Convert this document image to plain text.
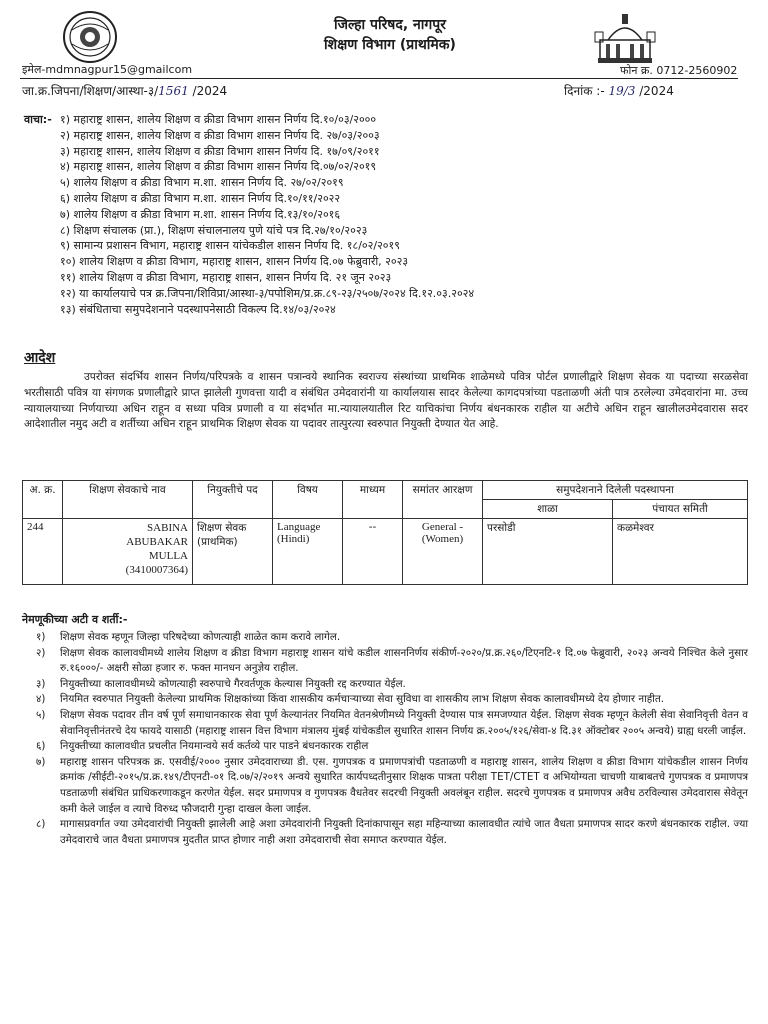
जिल्हा परिषद, नागपूर
शिक्षण विभाग (प्राथमिक)
इमेल-mdmnagpur15@gmailcom	फोन क्र. 0712-2560902
जा.क्र.जिपना/शिक्षण/आस्था-३/1561 /2024	दिनांक :- 19/3 /2024
वाचा:- १) महाराष्ट्र शासन, शालेय शिक्षण व क्रीडा विभाग शासन निर्णय दि.१०/०३/२०००
२) महाराष्ट्र शासन, शालेय शिक्षण व क्रीडा विभाग शासन निर्णय दि. २७/०३/२००३
३) महाराष्ट्र शासन, शालेय शिक्षण व क्रीडा विभाग शासन निर्णय दि. १७/०९/२०११
४) महाराष्ट्र शासन, शालेय शिक्षण व क्रीडा विभाग शासन निर्णय दि.०७/०२/२०१९
५) शालेय शिक्षण व क्रीडा विभाग म.शा. शासन निर्णय दि. २७/०२/२०१९
६) शालेय शिक्षण व क्रीडा विभाग म.शा. शासन निर्णय दि.१०/११/२०२२
७) शालेय शिक्षण व क्रीडा विभाग म.शा. शासन निर्णय दि.१३/१०/२०१६
८) शिक्षण संचालक (प्रा.), शिक्षण संचालनालय पुणे यांचे पत्र दि.२७/१०/२०२३
९) सामान्य प्रशासन विभाग, महाराष्ट्र शासन यांचेकडील शासन निर्णय दि. १८/०२/२०१९
१०) शालेय शिक्षण व क्रीडा विभाग, महाराष्ट्र शासन, शासन निर्णय दि.०७ फेब्रुवारी, २०२३
११) शालेय शिक्षण व क्रीडा विभाग, महाराष्ट्र शासन, शासन निर्णय दि. २१ जून २०२३
१२) या कार्यालयाचे पत्र क्र.जिपना/शिविप्रा/आस्था-३/पपोशिम/प्र.क्र.८९-२३/२५०७/२०२४ दि.१२.०३.२०२४
१३) संबंधिताचा समुपदेशनाने पदस्थापनेसाठी विकल्प दि.१४/०३/२०२४
आदेश
उपरोक्त संदर्भिय शासन निर्णय/परिपत्रके व शासन पत्रान्वये स्थानिक स्वराज्य संस्थांच्या प्राथमिक शाळेमध्ये पवित्र पोर्टल प्रणालीद्वारे शिक्षण सेवक या पदाच्या सरळसेवा भरतीसाठी पवित्र या संगणक प्रणालीद्वारे प्राप्त झालेली गुणवत्ता यादी व संबंधित उमेदवारांनी या कार्यालयास सादर केलेल्या कागदपत्रांच्या पडताळणी अंती पात्र ठरलेल्या उमेदवारांना मा. उच्च न्यायालयाच्या निर्णयाच्या अधिन राहून व सध्या पवित्र प्रणाली व या संदर्भात मा.न्यायालयातील रिट याचिकांचा निर्णय बंधनकारक राहील या अटीचे अधिन राहून खालीलउमेदवारास सदर आदेशातील नमुद अटी व शर्तीच्या अधिन राहून प्राथमिक शिक्षण सेवक या पदावर तात्पुरत्या स्वरुपात नियुक्ती देण्यात येत आहे.
अ. क्र.	शिक्षण सेवकाचे नाव	नियुक्तीचे पद	विषय	माध्यम	समांतर आरक्षण	समुपदेशनाने दिलेली पदस्थापना	
						शाळा	पंचायत समिती
244	SABINA
ABUBAKAR
MULLA
(3410007364)	शिक्षण सेवक (प्राथमिक)	Language (Hindi)	--	General - (Women)	परसोडी	कळमेश्वर
नेमणूकीच्या अटी व शर्ती:-
१) शिक्षण सेवक म्हणून जिल्हा परिषदेच्या कोणत्याही शाळेत काम करावे लागेल.
२) शिक्षण सेवक कालावधीमध्ये शालेय शिक्षण व क्रीडा विभाग महाराष्ट्र शासन यांचे कडील शासननिर्णय संकीर्ण-२०२०/प्र.क्र.२६०/टिएनटि-१ दि.०७ फेब्रुवारी, २०२३ अन्वये निश्चित केले नुसार रु.१६०००/- अक्षरी सोळा हजार रु. फक्त मानधन अनुज्ञेय राहील.
३) नियुक्तीच्या कालावधीमध्ये कोणत्याही स्वरुपाचे गैरवर्तणूक केल्यास नियुक्ती रद्द करण्यात येईल.
४) नियमित स्वरुपात नियुक्ती केलेल्या प्राथमिक शिक्षकांच्या किंवा शासकीय कर्मचाऱ्याच्या सेवा सुविधा वा शासकीय लाभ शिक्षण सेवक कालावधीमध्ये देय होणार नाहीत.
५) शिक्षण सेवक पदावर तीन वर्ष पूर्ण समाधानकारक सेवा पूर्ण केल्यानंतर नियमित वेतनश्रेणीमध्ये नियुक्ती देण्यास पात्र समजण्यात येईल. शिक्षण सेवक म्हणून केलेली सेवा सेवानिवृत्ती वेतन व सेवानिवृत्तीनंतरचे देय फायदे यासाठी (महाराष्ट्र शासन वित्त विभाग मंत्रालय मुंबई यांचेकडील सुधारित शासन निर्णय क्र.२००५/१२६/सेवा-४ दि.३१ ऑक्टोबर २००५ अन्वये) ग्राह्य धरली जाईल.
६) नियुक्तीच्या कालावधीत प्रचलीत नियमान्वये सर्व कर्तव्ये पार पाडने बंधनकारक राहील
७) महाराष्ट्र शासन परिपत्रक क्र. एसवीई/२००० नुसार उमेदवाराच्या डी. एस. गुणपत्रक व प्रमाणपत्रांची पडताळणी व महाराष्ट्र शासन, शालेय शिक्षण व क्रीडा विभाग यांचेकडील शासन निर्णय क्रमांक /सीईटी-२०१५/प्र.क्र.१४९/टीएनटी-०१ दि.०७/२/२०१९ अन्वये सुधारित कार्यपध्दतीनुसार शिक्षक पात्रता परीक्षा TET/CTET व अभियोग्यता चाचणी याबाबतचे गुणपत्रक व प्रमाणपत्र पडताळणी संबंधित प्राधिकरणाकडून करणेत येईल. सदर प्रमाणपत्र व गुणपत्रक वैधतेवर सदरची नियुक्ती अवलंबून राहील. सदरचे गुणपत्रक व प्रमाणपत्र अवैध ठरविल्यास उमेदवारास सेवेतून कमी केले जाईल व त्याचे विरुध्द फौजदारी गुन्हा दाखल केला जाईल.
८) मागासप्रवर्गात ज्या उमेदवारांची नियुक्ती झालेली आहे अशा उमेदवारांनी नियुक्ती दिनांकापासून सहा महिन्याच्या कालावधीत त्यांचे जात वैधता प्रमाणपत्र सादर करणे बंधनकारक राहील. ज्या उमेदवाराचे जात वैधता प्रमाणपत्र मुदतीत प्राप्त होणार नाही अशा उमेदवाराची सेवा समाप्त करण्यात येईल.
